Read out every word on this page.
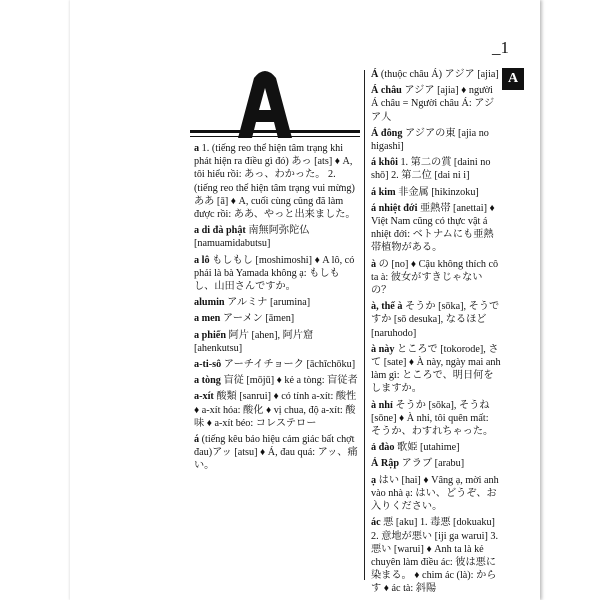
_1
A
a 1. (tiếng reo thể hiện tâm trạng khi phát hiện ra điều gì đó) あっ [ats] ♦ A, tôi hiểu rồi: あっ、わかった。 2. (tiếng reo thể hiện tâm trạng vui mừng) ああ [ā] ♦ A, cuối cùng cũng đã làm được rồi: ああ、やっと出来ました。
a di đà phật 南無阿弥陀仏 [namuamidabutsu]
a lô もしもし [moshimoshi] ♦ A lô, có phải là bà Yamada không ạ: もしもし、山田さんですか。
alumin アルミナ [arumina]
a men アーメン [āmen]
a phiến 阿片 [ahen], 阿片窟 [ahenkutsu]
a-ti-sô アーチイチョーク [āchīchōku]
a tòng 盲従 [mōjū] ♦ kẻ a tòng: 盲従者
a-xít 酸類 [sanrui] ♦ có tính a-xít: 酸性 ♦ a-xít hóa: 酸化 ♦ vị chua, độ a-xít: 酸味 ♦ a-xít béo: コレステロー
á (tiếng kêu báo hiệu cảm giác bất chợt đau)アッ [atsu] ♦ Á, đau quá: アッ、痛い。
Á (thuộc châu Á) アジア [ajia]
Á châu アジア [ajia] ♦ người Á châu = Người châu Á: アジア人
Á đông アジアの東 [ajia no higashi]
á khôi 1. 第二の賞 [daini no shō] 2. 第二位 [dai ni i]
á kim 非金属 [hikinzoku]
á nhiệt đới 亜熱帯 [anettai] ♦ Việt Nam cũng có thực vật á nhiệt đới: ベトナムにも亜熱帯植物がある。
à の [no] ♦ Cậu không thích cô ta à: 彼女がすきじゃないの？
à, thế à そうか [sōka], そうですか [sō desuka], なるほど [naruhodo]
à này ところで [tokorode], さて [sate] ♦ À này, ngày mai anh làm gì: ところで、明日何をしますか。
à nhỉ そうか [sōka], そうね [sōne] ♦ À nhỉ, tôi quên mất: そうか、わすれちゃった。
ả đào 歌姫 [utahime]
Ả Rập アラブ [arabu]
ạ はい [hai] ♦ Vâng ạ, mời anh vào nhà ạ: はい、どうぞ、お入りください。
ác 悪 [aku] 1. 毒悪 [dokuaku] 2. 意地が悪い [iji ga warui] 3. 悪い [warui] ♦ Anh ta là kẻ chuyên làm điều ác: 彼は悪に染まる。 ♦ chim ác (là): からす ♦ ác tà: 斜陽
